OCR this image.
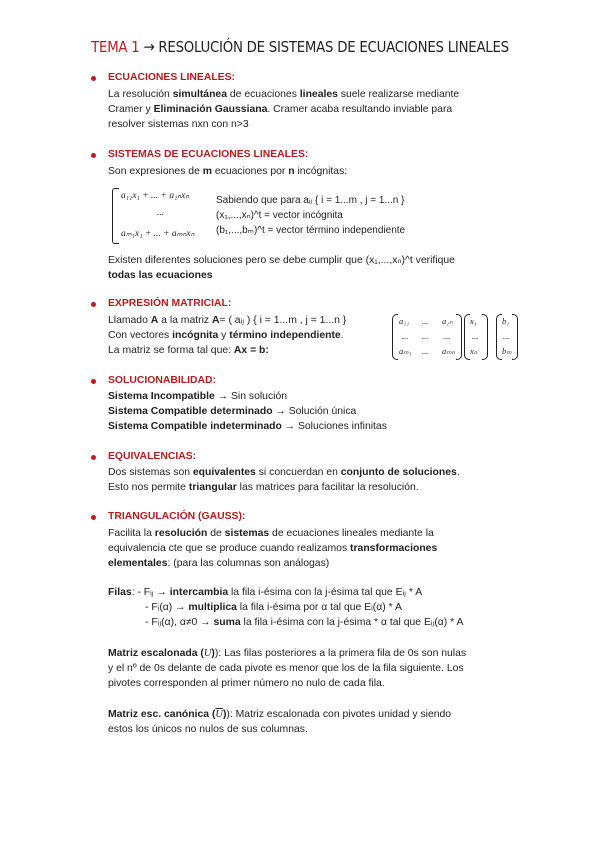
TEMA 1 → RESOLUCIÓN DE SISTEMAS DE ECUACIONES LINEALES
ECUACIONES LINEALES:
La resolución simultánea de ecuaciones lineales suele realizarse mediante
Cramer y Eliminación Gaussiana. Cramer acaba resultando inviable para
resolver sistemas nxn con n>3
SISTEMAS DE ECUACIONES LINEALES:
Son expresiones de m ecuaciones por n incógnitas:
a₁₁x₁ + ... + a₁ₙxₙ
...
aₘ₁x₁ + ... + aₘₙxₙ
Sabiendo que para aᵢⱼ { i = 1...m , j = 1...n }
(x₁,...,xₙ)^t = vector incógnita
(b₁,...,bₘ)^t = vector término independiente
Existen diferentes soluciones pero se debe cumplir que (x₁,...,xₙ)^t verifique
todas las ecuaciones
EXPRESIÓN MATRICIAL:
Llamado A a la matriz A= ( aᵢⱼ ) { i = 1...m , j = 1...n }
Con vectores incógnita y término independiente.
La matriz se forma tal que: Ax = b:
a₁₁ ... a₁ₙ
... ... ...
aₘ₁ ... aₘₙ
x₁
...
xₙ
b₁
...
bₘ
SOLUCIONABILIDAD:
Sistema Incompatible → Sin solución
Sistema Compatible determinado → Solución única
Sistema Compatible indeterminado → Soluciones infinitas
EQUIVALENCIAS:
Dos sistemas son equivalentes si concuerdan en conjunto de soluciones.
Esto nos permite triangular las matrices para facilitar la resolución.
TRIANGULACIÓN (GAUSS):
Facilita la resolución de sistemas de ecuaciones lineales mediante la
equivalencia cte que se produce cuando realizamos transformaciones
elementales: (para las columnas son análogas)
Filas: - Fᵢⱼ → intercambia la fila i-ésima con la j-ésima tal que Eᵢⱼ * A
- Fᵢ(α) → multiplica la fila i-ésima por α tal que Eᵢ(α) * A
- Fᵢⱼ(α), α≠0 → suma la fila i-ésima con la j-ésima * α tal que Eᵢⱼ(α) * A
Matriz escalonada (U)): Las filas posteriores a la primera fila de 0s son nulas
y el nº de 0s delante de cada pivote es menor que los de la fila siguiente. Los
pivotes corresponden al primer número no nulo de cada fila.
Matriz esc. canónica $(\overline{U})$): Matriz escalonada con pivotes unidad y siendo
estos los únicos no nulos de sus columnas.
